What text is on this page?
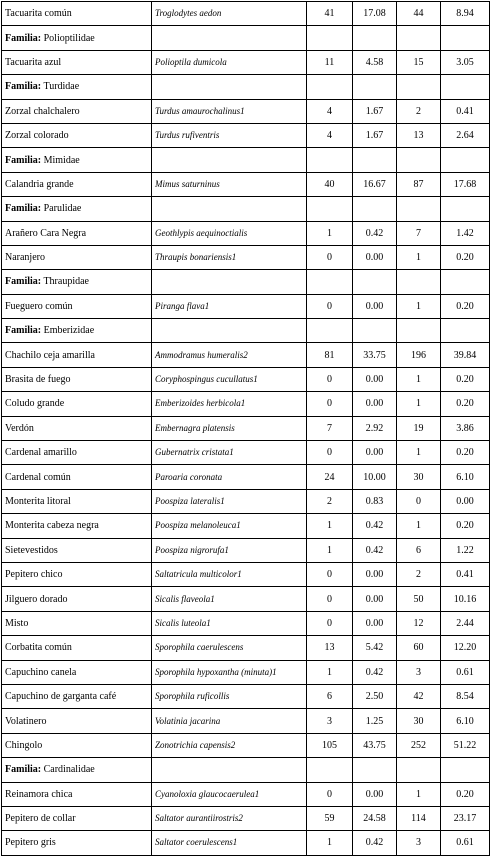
Tacuarita común	Troglodytes aedon	41	17.08	44	8.94
Familia: Polioptilidae					
Tacuarita azul	Polioptila dumicola	11	4.58	15	3.05
Familia: Turdidae					
Zorzal chalchalero	Turdus amaurochalinus1	4	1.67	2	0.41
Zorzal colorado	Turdus rufiventris	4	1.67	13	2.64
Familia: Mimidae					
Calandria grande	Mimus saturninus	40	16.67	87	17.68
Familia: Parulidae					
Arañero Cara Negra	Geothlypis aequinoctialis	1	0.42	7	1.42
Naranjero	Thraupis bonariensis1	0	0.00	1	0.20
Familia: Thraupidae					
Fueguero común	Piranga flava1	0	0.00	1	0.20
Familia: Emberizidae					
Chachilo ceja amarilla	Ammodramus humeralis2	81	33.75	196	39.84
Brasita de fuego	Coryphospingus cucullatus1	0	0.00	1	0.20
Coludo grande	Emberizoides herbicola1	0	0.00	1	0.20
Verdón	Embernagra platensis	7	2.92	19	3.86
Cardenal amarillo	Gubernatrix cristata1	0	0.00	1	0.20
Cardenal común	Paroaria coronata	24	10.00	30	6.10
Monterita litoral	Poospiza lateralis1	2	0.83	0	0.00
Monterita cabeza negra	Poospiza melanoleuca1	1	0.42	1	0.20
Sietevestidos	Poospiza nigrorufa1	1	0.42	6	1.22
Pepitero chico	Saltatricula multicolor1	0	0.00	2	0.41
Jilguero dorado	Sicalis flaveola1	0	0.00	50	10.16
Misto	Sicalis luteola1	0	0.00	12	2.44
Corbatita común	Sporophila caerulescens	13	5.42	60	12.20
Capuchino canela	Sporophila hypoxantha (minuta)1	1	0.42	3	0.61
Capuchino de garganta café	Sporophila ruficollis	6	2.50	42	8.54
Volatinero	Volatinia jacarina	3	1.25	30	6.10
Chingolo	Zonotrichia capensis2	105	43.75	252	51.22
Familia: Cardinalidae					
Reinamora chica	Cyanoloxia glaucocaerulea1	0	0.00	1	0.20
Pepitero de collar	Saltator aurantiirostris2	59	24.58	114	23.17
Pepitero gris	Saltator coerulescens1	1	0.42	3	0.61
